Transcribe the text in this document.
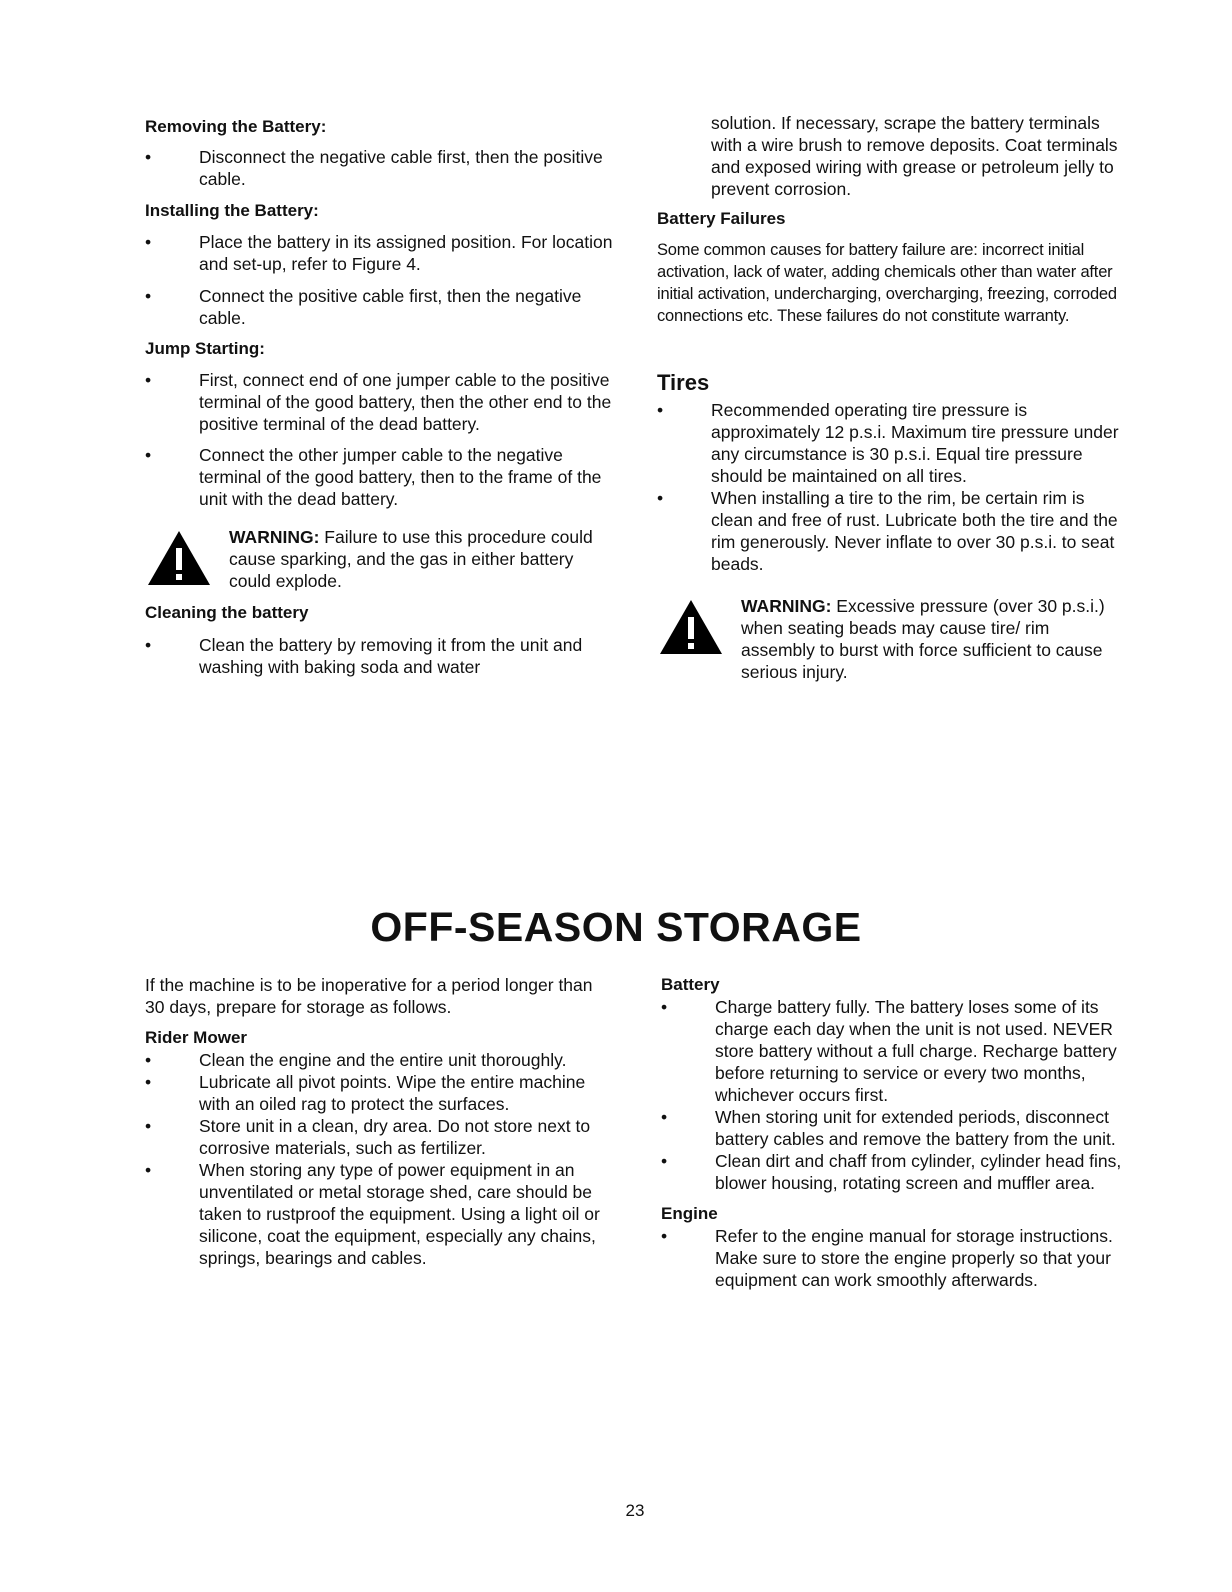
Removing the Battery:

•	Disconnect the negative cable first, then the positive cable.

Installing the Battery:

•	Place the battery in its assigned position. For location and set-up, refer to Figure 4.

•	Connect the positive cable first, then the negative cable.

Jump Starting:

•	First, connect end of one jumper cable to the positive terminal of the good battery, then the other end to the positive terminal of the dead battery.

•	Connect the other jumper cable to the negative terminal of the good battery, then to the frame of the unit with the dead battery.

WARNING: Failure to use this procedure could cause sparking, and the gas in either battery could explode.

Cleaning the battery

•	Clean the battery by removing it from the unit and washing with baking soda and water

solution. If necessary, scrape the battery terminals with a wire brush to remove deposits. Coat terminals and exposed wiring with grease or petroleum jelly to prevent corrosion.

Battery Failures

Some common causes for battery failure are: incorrect initial activation, lack of water, adding chemicals other than water after initial activation, undercharging, overcharging, freezing, corroded connections etc. These failures do not constitute warranty.

Tires

•	Recommended operating tire pressure is approximately 12 p.s.i. Maximum tire pressure under any circumstance is 30 p.s.i. Equal tire pressure should be maintained on all tires.

•	When installing a tire to the rim, be certain rim is clean and free of rust. Lubricate both the tire and the rim generously. Never inflate to over 30 p.s.i. to seat beads.

WARNING: Excessive pressure (over 30 p.s.i.) when seating beads may cause tire/ rim assembly to burst with force sufficient to cause serious injury.

OFF-SEASON STORAGE

If the machine is to be inoperative for a period longer than 30 days, prepare for storage as follows.

Rider Mower

•	Clean the engine and the entire unit thoroughly.

•	Lubricate all pivot points. Wipe the entire machine with an oiled rag to protect the surfaces.

•	Store unit in a clean, dry area. Do not store next to corrosive materials, such as fertilizer.

•	When storing any type of power equipment in an unventilated or metal storage shed, care should be taken to rustproof the equipment. Using a light oil or silicone, coat the equipment, especially any chains, springs, bearings and cables.

Battery

•	Charge battery fully. The battery loses some of its charge each day when the unit is not used. NEVER store battery without a full charge. Recharge battery before returning to service or every two months, whichever occurs first.

•	When storing unit for extended periods, disconnect battery cables and remove the battery from the unit.

•	Clean dirt and chaff from cylinder, cylinder head fins, blower housing, rotating screen and muffler area.

Engine

•	Refer to the engine manual for storage instructions. Make sure to store the engine properly so that your equipment can work smoothly afterwards.

23
